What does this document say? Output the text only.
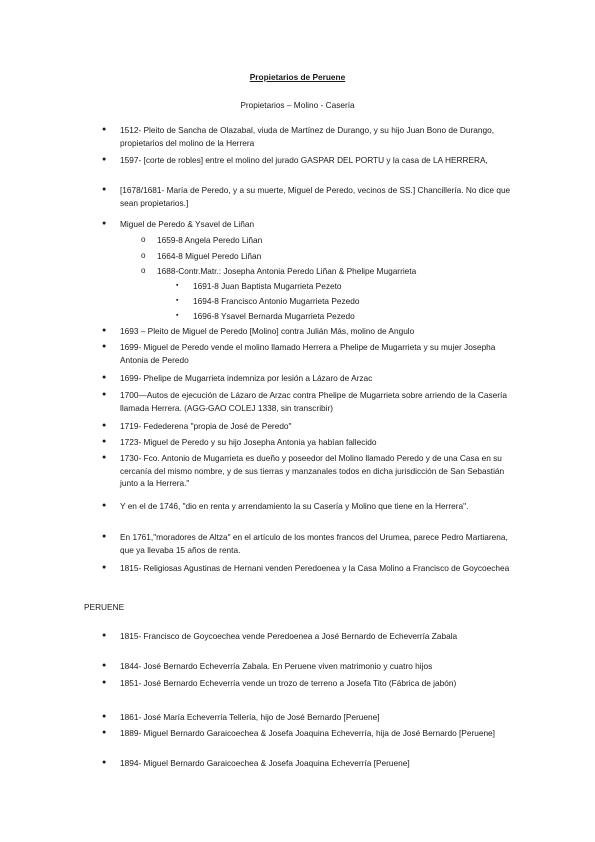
Propietarios de Peruene
Propietarios – Molino - Casería
● 1512- Pleito de Sancha de Olazabal, viuda de Martínez de Durango, y su hijo Juan Bono de Durango, propietarios del molino de la Herrera
● 1597- [corte de robles] entre el molino del jurado GASPAR DEL PORTU y la casa de LA HERRERA,
● [1678/1681- María de Peredo, y a su muerte, Miguel de Peredo, vecinos de SS.] Chancillería. No dice que sean propietarios.]
● Miguel de Peredo & Ysavel de Liñan
o 1659-8 Angela Peredo Liñan
o 1664-8 Miguel Peredo Liñan
o 1688-Contr.Matr.: Josepha Antonia Peredo Liñan & Phelipe Mugarrieta
▪ 1691-8 Juan Baptista Mugarrieta Pezeto
▪ 1694-8 Francisco Antonio Mugarrieta Pezedo
▪ 1696-8 Ysavel Bernarda Mugarrieta Pezedo
● 1693 – Pleito de Miguel de Peredo [Molino] contra Julián Más, molino de Angulo
● 1699- Miguel de Peredo vende el molino llamado Herrera a Phelipe de Mugarrieta y su mujer Josepha Antonia de Peredo
● 1699- Phelipe de Mugarrieta indemniza por lesión a Lázaro de Arzac
● 1700—Autos de ejecución de Lázaro de Arzac contra Phelipe de Mugarrieta sobre arriendo de la Casería llamada Herrera. (AGG-GAO COLEJ 1338, sin transcribir)
● 1719- Fedederena "propia de José de Peredo"
● 1723- Miguel de Peredo y su hijo Josepha Antonia ya habían fallecido
● 1730- Fco. Antonio de Mugarrieta es dueño y poseedor del Molino llamado Peredo y de una Casa en su cercanía del mismo nombre, y de sus tierras y manzanales todos en dicha jurisdicción de San Sebastián junto a la Herrera."
● Y en el de 1746, "dio en renta y arrendamiento la su Casería y Molino que tiene en la Herrera".
● En 1761,"moradores de Altza" en el artículo de los montes francos del Urumea, parece Pedro Martiarena, que ya llevaba 15 años de renta.
● 1815- Religiosas Agustinas de Hernani venden Peredoenea y la Casa Molino a Francisco de Goycoechea
PERUENE
● 1815- Francisco de Goycoechea vende Peredoenea a José Bernardo de Echeverría Zabala
● 1844- José Bernardo Echeverría Zabala. En Peruene viven matrimonio y cuatro hijos
● 1851- José Bernardo Echeverría vende un trozo de terreno a Josefa Tito (Fábrica de jabón)
● 1861- José María Echeverría Tellería, hijo de José Bernardo [Peruene]
● 1889- Miguel Bernardo Garaicoechea & Josefa Joaquina Echeverría, hija de José Bernardo [Peruene]
● 1894- Miguel Bernardo Garaicoechea & Josefa Joaquina Echeverría [Peruene]
